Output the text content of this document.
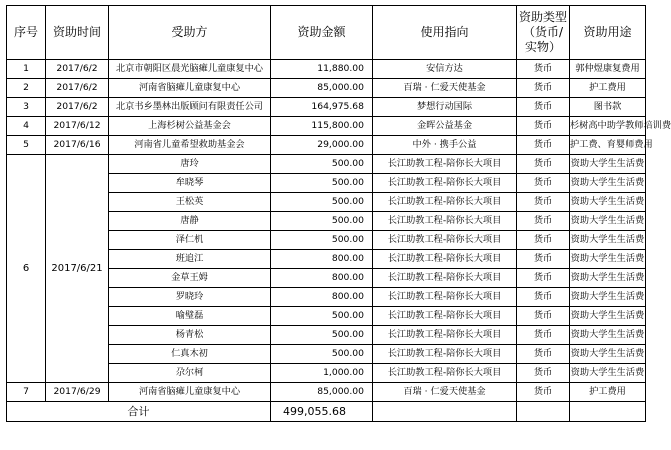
序号	资助时间	受助方	资助金额	使用指向	资助类型（货币/实物）	资助用途
1	2017/6/2	北京市朝阳区晨光脑瘫儿童康复中心	11,880.00	安信方达	货币	郭仲煜康复费用
2	2017/6/2	河南省脑瘫儿童康复中心	85,000.00	百瑞 · 仁爱天使基金	货币	护工费用
3	2017/6/2	北京书乡墨林出版顾问有限责任公司	164,975.68	梦想行动国际	货币	图书款
4	2017/6/12	上海杉树公益基金会	115,800.00	金晖公益基金	货币	杉树高中助学教师培训费
5	2017/6/16	河南省儿童希望救助基金会	29,000.00	中外 · 携手公益	货币	护工费、育婴师费用
6	2017/6/21	唐玲	500.00	长江助教工程-陪你长大项目	货币	资助大学生生活费
		牟晓琴	500.00	长江助教工程-陪你长大项目	货币	资助大学生生活费
		王松英	500.00	长江助教工程-陪你长大项目	货币	资助大学生生活费
		唐静	500.00	长江助教工程-陪你长大项目	货币	资助大学生生活费
		泽仁机	500.00	长江助教工程-陪你长大项目	货币	资助大学生生活费
		班追江	800.00	长江助教工程-陪你长大项目	货币	资助大学生生活费
		金草王姆	800.00	长江助教工程-陪你长大项目	货币	资助大学生生活费
		罗晓玲	800.00	长江助教工程-陪你长大项目	货币	资助大学生生活费
		喻璧磊	500.00	长江助教工程-陪你长大项目	货币	资助大学生生活费
		杨青松	500.00	长江助教工程-陪你长大项目	货币	资助大学生生活费
		仁真木初	500.00	长江助教工程-陪你长大项目	货币	资助大学生生活费
		尕尔柯	1,000.00	长江助教工程-陪你长大项目	货币	资助大学生生活费
7	2017/6/29	河南省脑瘫儿童康复中心	85,000.00	百瑞 · 仁爱天使基金	货币	护工费用
合计			499,055.68			
